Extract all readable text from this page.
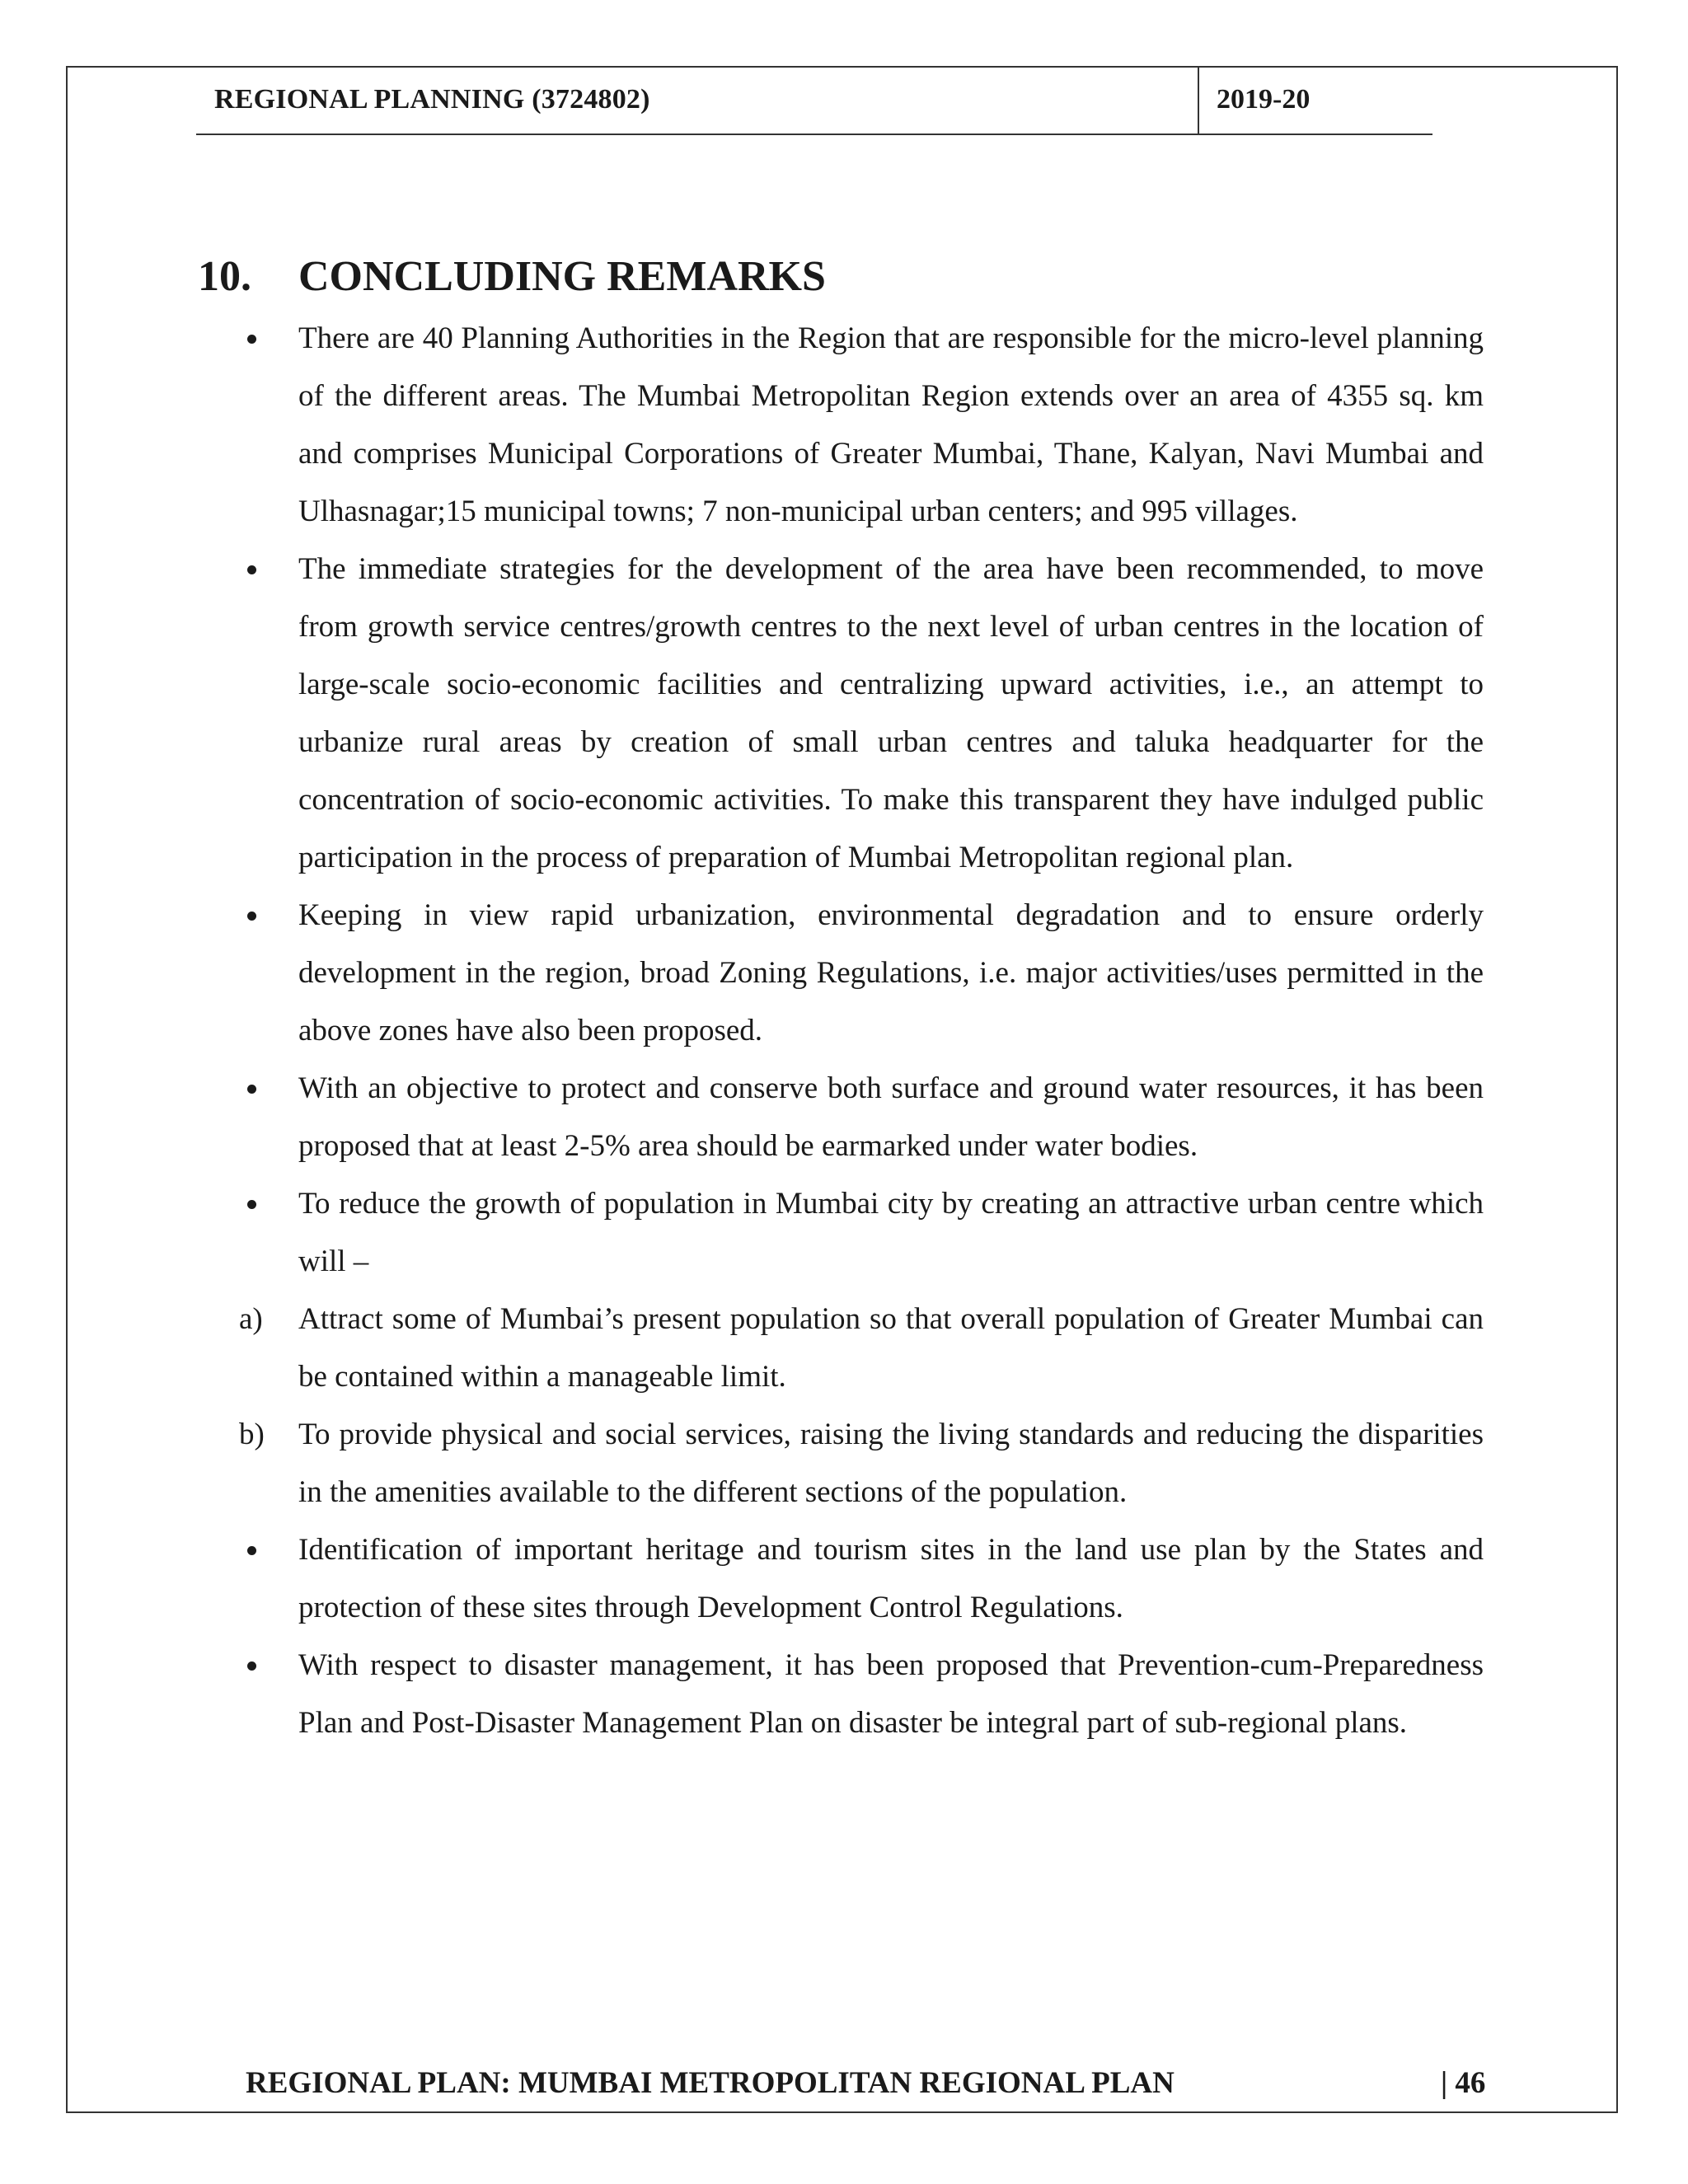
REGIONAL PLANNING (3724802)	2019-20
10. CONCLUDING REMARKS
There are 40 Planning Authorities in the Region that are responsible for the micro-level planning of the different areas. The Mumbai Metropolitan Region extends over an area of 4355 sq. km and comprises Municipal Corporations of Greater Mumbai, Thane, Kalyan, Navi Mumbai and Ulhasnagar;15 municipal towns; 7 non-municipal urban centers; and 995 villages.
The immediate strategies for the development of the area have been recommended, to move from growth service centres/growth centres to the next level of urban centres in the location of large-scale socio-economic facilities and centralizing upward activities, i.e., an attempt to urbanize rural areas by creation of small urban centres and taluka headquarter for the concentration of socio-economic activities. To make this transparent they have indulged public participation in the process of preparation of Mumbai Metropolitan regional plan.
Keeping in view rapid urbanization, environmental degradation and to ensure orderly development in the region, broad Zoning Regulations, i.e. major activities/uses permitted in the above zones have also been proposed.
With an objective to protect and conserve both surface and ground water resources, it has been proposed that at least 2-5% area should be earmarked under water bodies.
To reduce the growth of population in Mumbai city by creating an attractive urban centre which will –
a)	Attract some of Mumbai’s present population so that overall population of Greater Mumbai can be contained within a manageable limit.
b) To provide physical and social services, raising the living standards and reducing the disparities in the amenities available to the different sections of the population.
Identification of important heritage and tourism sites in the land use plan by the States and protection of these sites through Development Control Regulations.
With respect to disaster management, it has been proposed that Prevention-cum-Preparedness Plan and Post-Disaster Management Plan on disaster be integral part of sub-regional plans.
REGIONAL PLAN: MUMBAI METROPOLITAN REGIONAL PLAN	| 46
